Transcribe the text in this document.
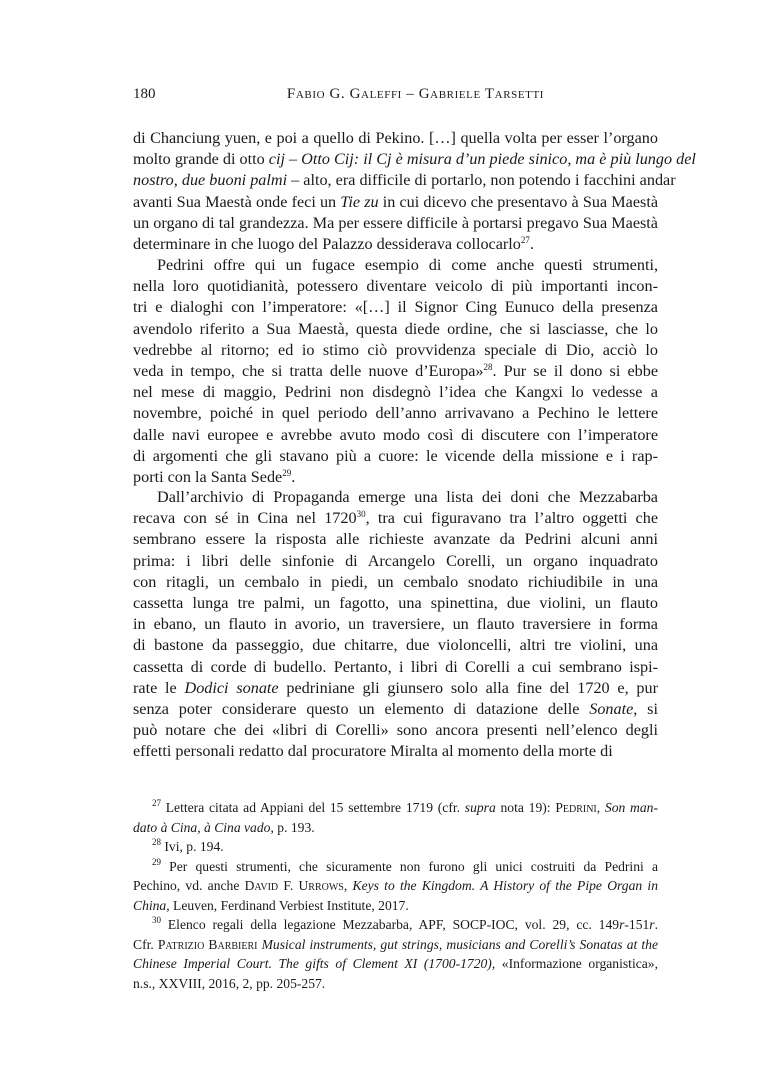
180	Fabio G. Galeffi – Gabriele Tarsetti
di Chanciung yuen, e poi a quello di Pekino. […] quella volta per esser l’organo
molto grande di otto cij – Otto Cij: il Cj è misura d’un piede sinico, ma è più lungo del
nostro, due buoni palmi – alto, era difficile di portarlo, non potendo i facchini andar
avanti Sua Maestà onde feci un Tie zu in cui dicevo che presentavo à Sua Maestà
un organo di tal grandezza. Ma per essere difficile à portarsi pregavo Sua Maestà
determinare in che luogo del Palazzo dessiderava collocarlo$^{27}$.
Pedrini offre qui un fugace esempio di come anche questi strumenti,
nella loro quotidianità, potessero diventare veicolo di più importanti incon-
tri e dialoghi con l’imperatore: «[…] il Signor Cing Eunuco della presenza
avendolo riferito a Sua Maestà, questa diede ordine, che si lasciasse, che lo
vedrebbe al ritorno; ed io stimo ciò provvidenza speciale di Dio, acciò lo
veda in tempo, che si tratta delle nuove d’Europa»$^{28}$. Pur se il dono si ebbe
nel mese di maggio, Pedrini non disdegnò l’idea che Kangxi lo vedesse a
novembre, poiché in quel periodo dell’anno arrivavano a Pechino le lettere
dalle navi europee e avrebbe avuto modo così di discutere con l’imperatore
di argomenti che gli stavano più a cuore: le vicende della missione e i rap-
porti con la Santa Sede$^{29}$.
Dall’archivio di Propaganda emerge una lista dei doni che Mezzabarba
recava con sé in Cina nel 1720$^{30}$, tra cui figuravano tra l’altro oggetti che
sembrano essere la risposta alle richieste avanzate da Pedrini alcuni anni
prima: i libri delle sinfonie di Arcangelo Corelli, un organo inquadrato
con ritagli, un cembalo in piedi, un cembalo snodato richiudibile in una
cassetta lunga tre palmi, un fagotto, una spinettina, due violini, un flauto
in ebano, un flauto in avorio, un traversiere, un flauto traversiere in forma
di bastone da passeggio, due chitarre, due violoncelli, altri tre violini, una
cassetta di corde di budello. Pertanto, i libri di Corelli a cui sembrano ispi-
rate le Dodici sonate pedriniane gli giunsero solo alla fine del 1720 e, pur
senza poter considerare questo un elemento di datazione delle Sonate, si
può notare che dei «libri di Corelli» sono ancora presenti nell’elenco degli
effetti personali redatto dal procuratore Miralta al momento della morte di
$^{27}$ Lettera citata ad Appiani del 15 settembre 1719 (cfr. supra nota 19): Pedrini, Son man-
dato à Cina, à Cina vado, p. 193.
$^{28}$ Ivi, p. 194.
$^{29}$ Per questi strumenti, che sicuramente non furono gli unici costruiti da Pedrini a
Pechino, vd. anche David F. Urrows, Keys to the Kingdom. A History of the Pipe Organ in
China, Leuven, Ferdinand Verbiest Institute, 2017.
$^{30}$ Elenco regali della legazione Mezzabarba, APF, SOCP-IOC, vol. 29, cc. 149r-151r.
Cfr. Patrizio Barbieri Musical instruments, gut strings, musicians and Corelli’s Sonatas at the
Chinese Imperial Court. The gifts of Clement XI (1700-1720), «Informazione organistica»,
n.s., XXVIII, 2016, 2, pp. 205-257.
